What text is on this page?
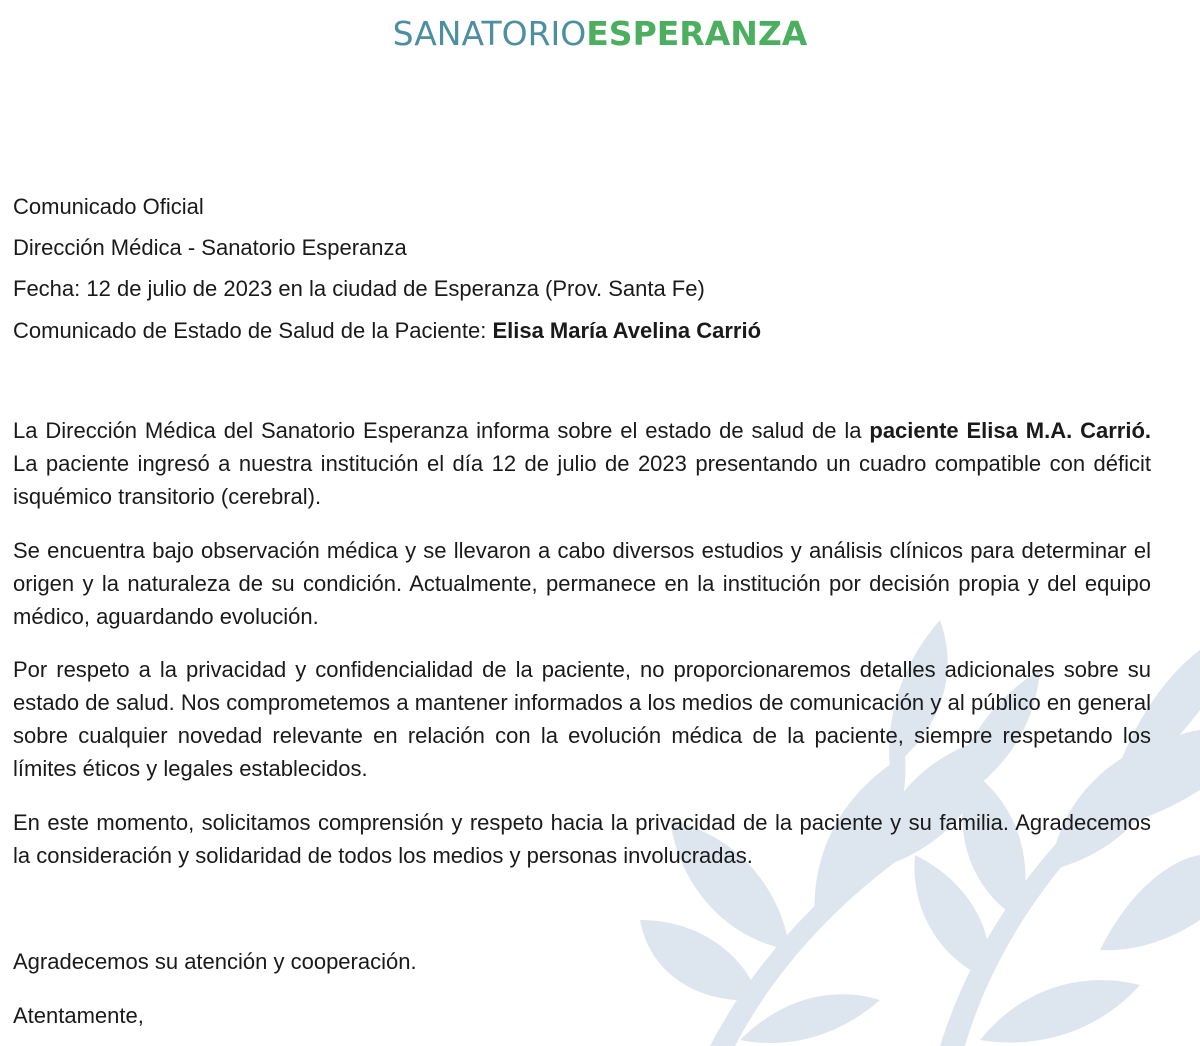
SANATORIOESPERANZA
Comunicado Oficial
Dirección Médica - Sanatorio Esperanza
Fecha: 12 de julio de 2023 en la ciudad de Esperanza (Prov. Santa Fe)
Comunicado de Estado de Salud de la Paciente: Elisa María Avelina Carrió

La Dirección Médica del Sanatorio Esperanza informa sobre el estado de salud de la paciente Elisa M.A. Carrió. La paciente ingresó a nuestra institución el día 12 de julio de 2023 presentando un cuadro compatible con déficit isquémico transitorio (cerebral).

Se encuentra bajo observación médica y se llevaron a cabo diversos estudios y análisis clínicos para determinar el origen y la naturaleza de su condición. Actualmente, permanece en la institución por decisión propia y del equipo médico, aguardando evolución.

Por respeto a la privacidad y confidencialidad de la paciente, no proporcionaremos detalles adicionales sobre su estado de salud. Nos comprometemos a mantener informados a los medios de comunicación y al público en general sobre cualquier novedad relevante en relación con la evolución médica de la paciente, siempre respetando los límites éticos y legales establecidos.

En este momento, solicitamos comprensión y respeto hacia la privacidad de la paciente y su familia. Agradecemos la consideración y solidaridad de todos los medios y personas involucradas.

Agradecemos su atención y cooperación.
Atentamente,
